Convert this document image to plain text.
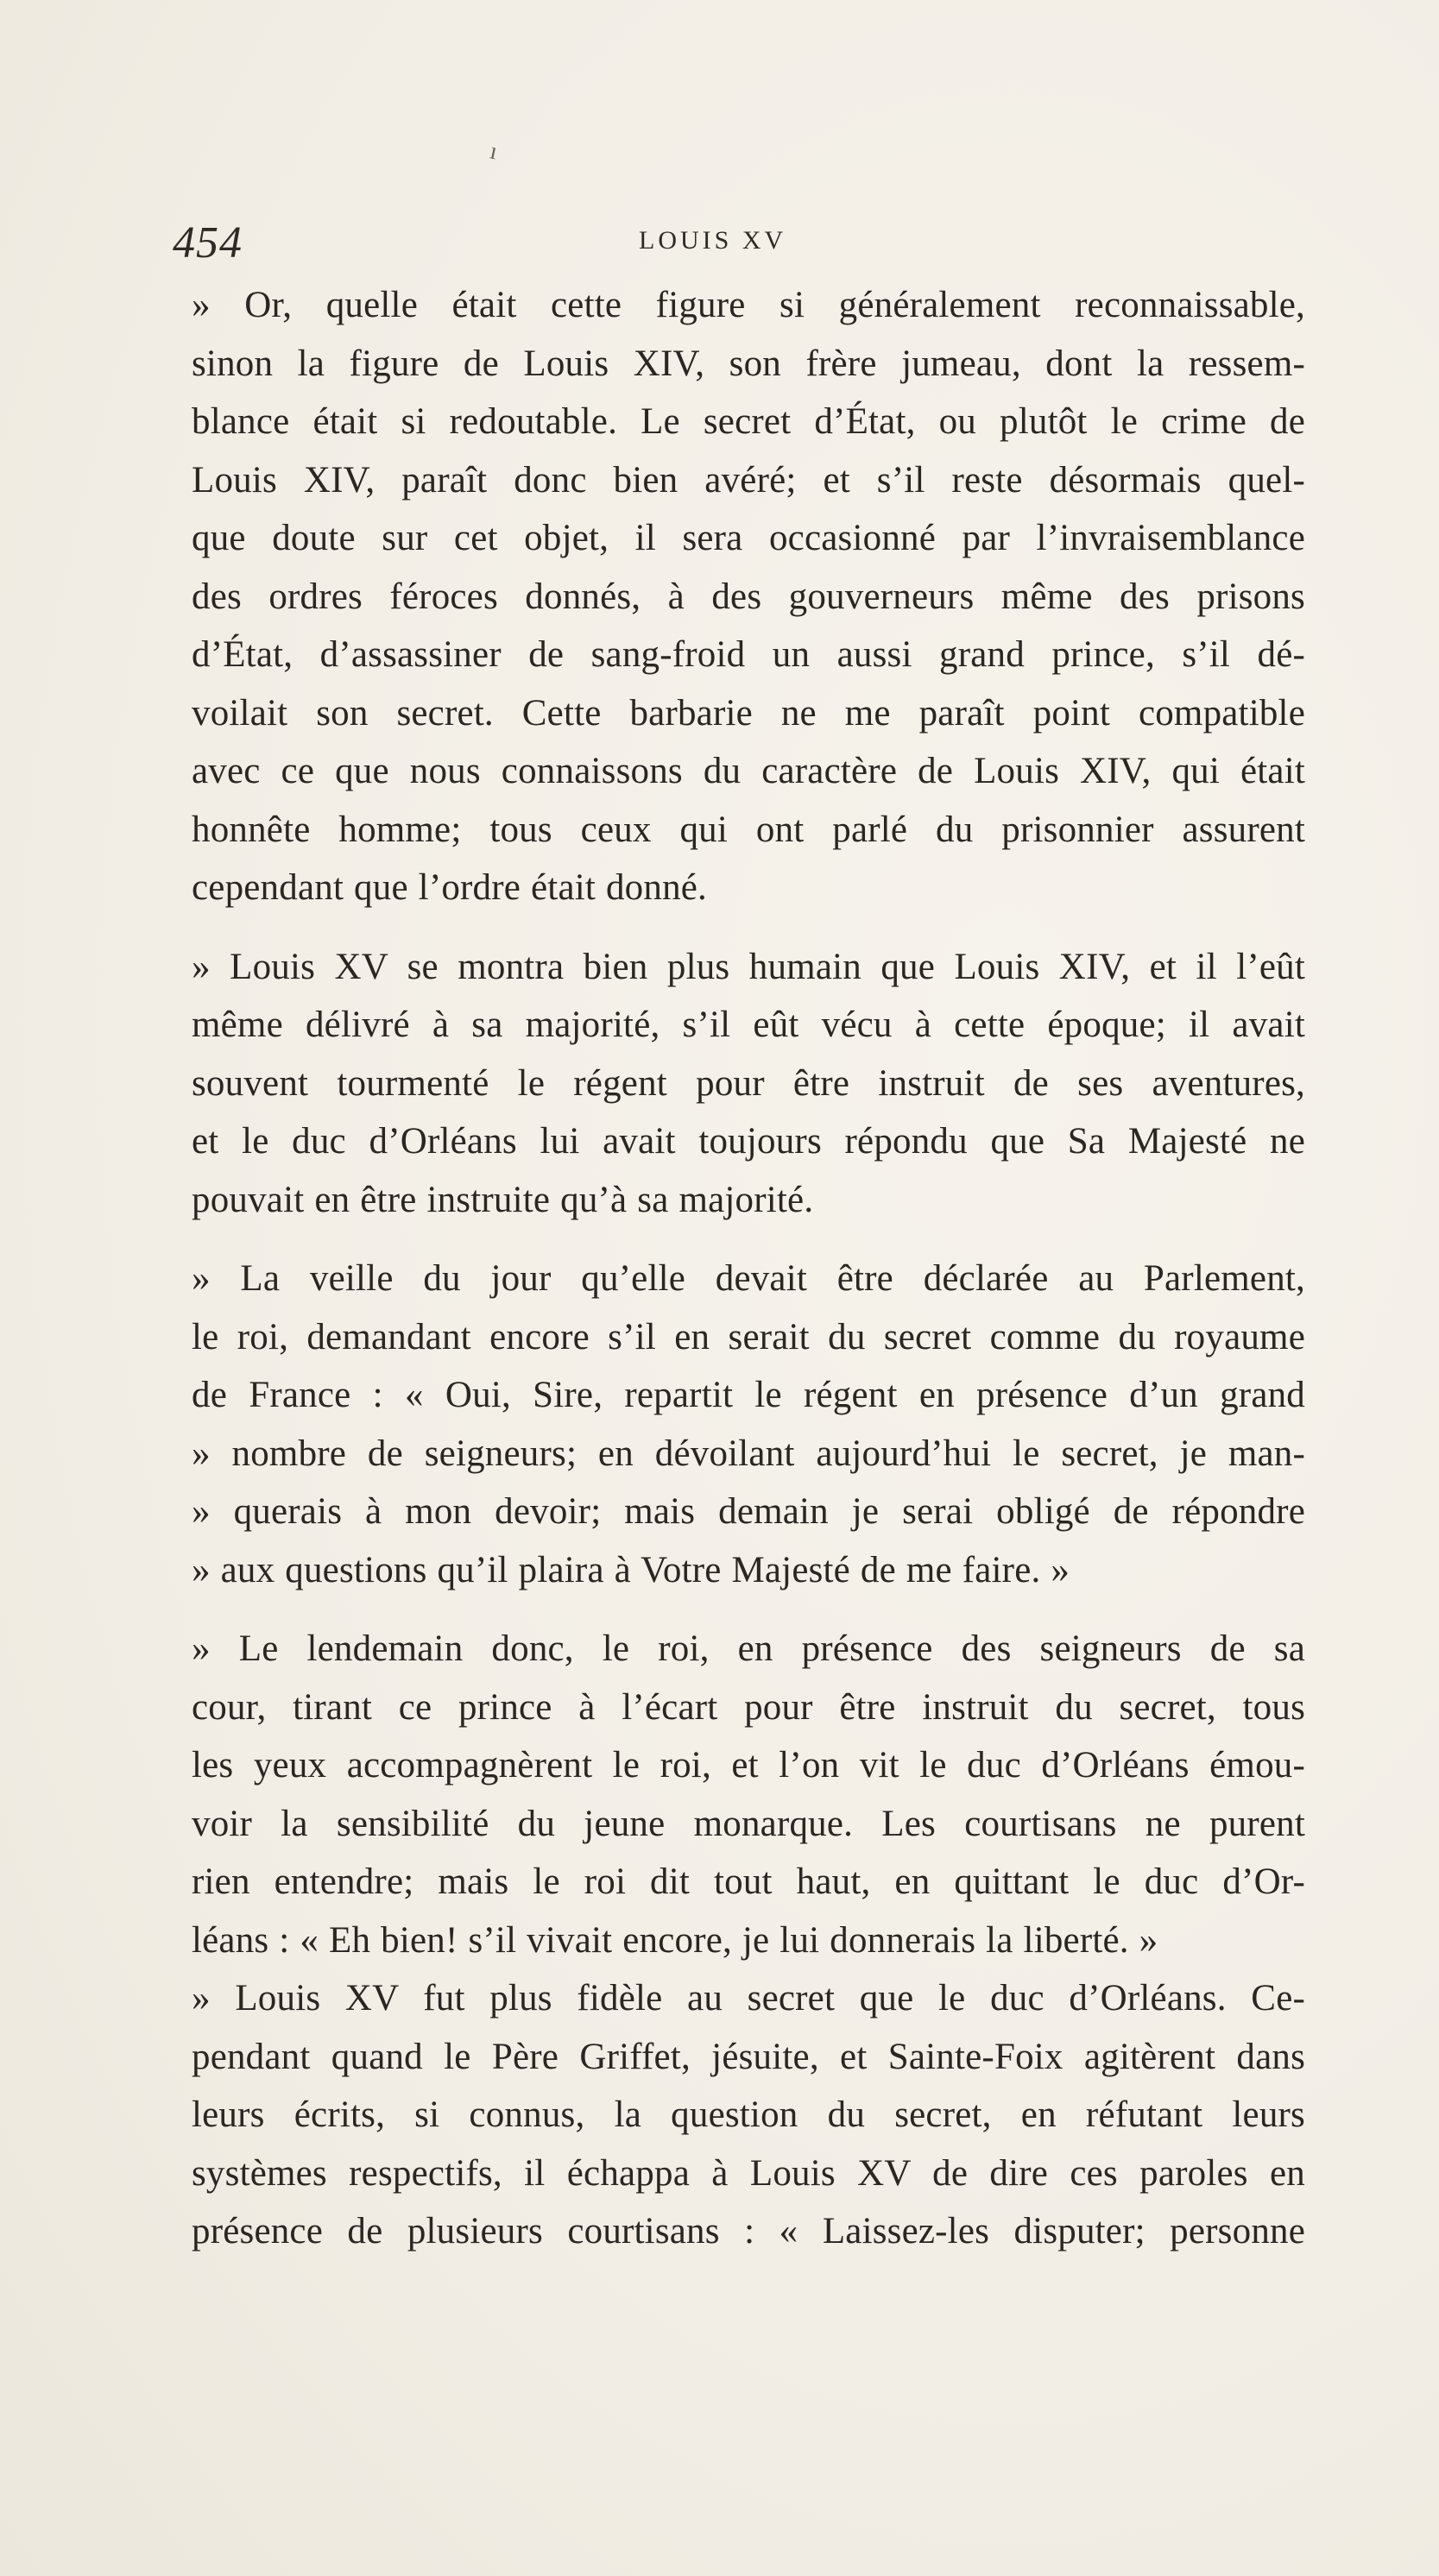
ı
454	LOUIS XV

» Or, quelle était cette figure si généralement reconnaissable,
sinon la figure de Louis XIV, son frère jumeau, dont la ressem-
blance était si redoutable. Le secret d’État, ou plutôt le crime de
Louis XIV, paraît donc bien avéré; et s’il reste désormais quel-
que doute sur cet objet, il sera occasionné par l’invraisemblance
des ordres féroces donnés, à des gouverneurs même des prisons
d’État, d’assassiner de sang-froid un aussi grand prince, s’il dé-
voilait son secret. Cette barbarie ne me paraît point compatible
avec ce que nous connaissons du caractère de Louis XIV, qui était
honnête homme; tous ceux qui ont parlé du prisonnier assurent
cependant que l’ordre était donné.

» Louis XV se montra bien plus humain que Louis XIV, et il l’eût
même délivré à sa majorité, s’il eût vécu à cette époque; il avait
souvent tourmenté le régent pour être instruit de ses aventures,
et le duc d’Orléans lui avait toujours répondu que Sa Majesté ne
pouvait en être instruite qu’à sa majorité.

» La veille du jour qu’elle devait être déclarée au Parlement,
le roi, demandant encore s’il en serait du secret comme du royaume
de France : « Oui, Sire, repartit le régent en présence d’un grand
» nombre de seigneurs; en dévoilant aujourd’hui le secret, je man-
» querais à mon devoir; mais demain je serai obligé de répondre
» aux questions qu’il plaira à Votre Majesté de me faire. »

» Le lendemain donc, le roi, en présence des seigneurs de sa
cour, tirant ce prince à l’écart pour être instruit du secret, tous
les yeux accompagnèrent le roi, et l’on vit le duc d’Orléans émou-
voir la sensibilité du jeune monarque. Les courtisans ne purent
rien entendre; mais le roi dit tout haut, en quittant le duc d’Or-
léans : « Eh bien! s’il vivait encore, je lui donnerais la liberté. »

» Louis XV fut plus fidèle au secret que le duc d’Orléans. Ce-
pendant quand le Père Griffet, jésuite, et Sainte-Foix agitèrent dans
leurs écrits, si connus, la question du secret, en réfutant leurs
systèmes respectifs, il échappa à Louis XV de dire ces paroles en
présence de plusieurs courtisans : « Laissez-les disputer; personne
